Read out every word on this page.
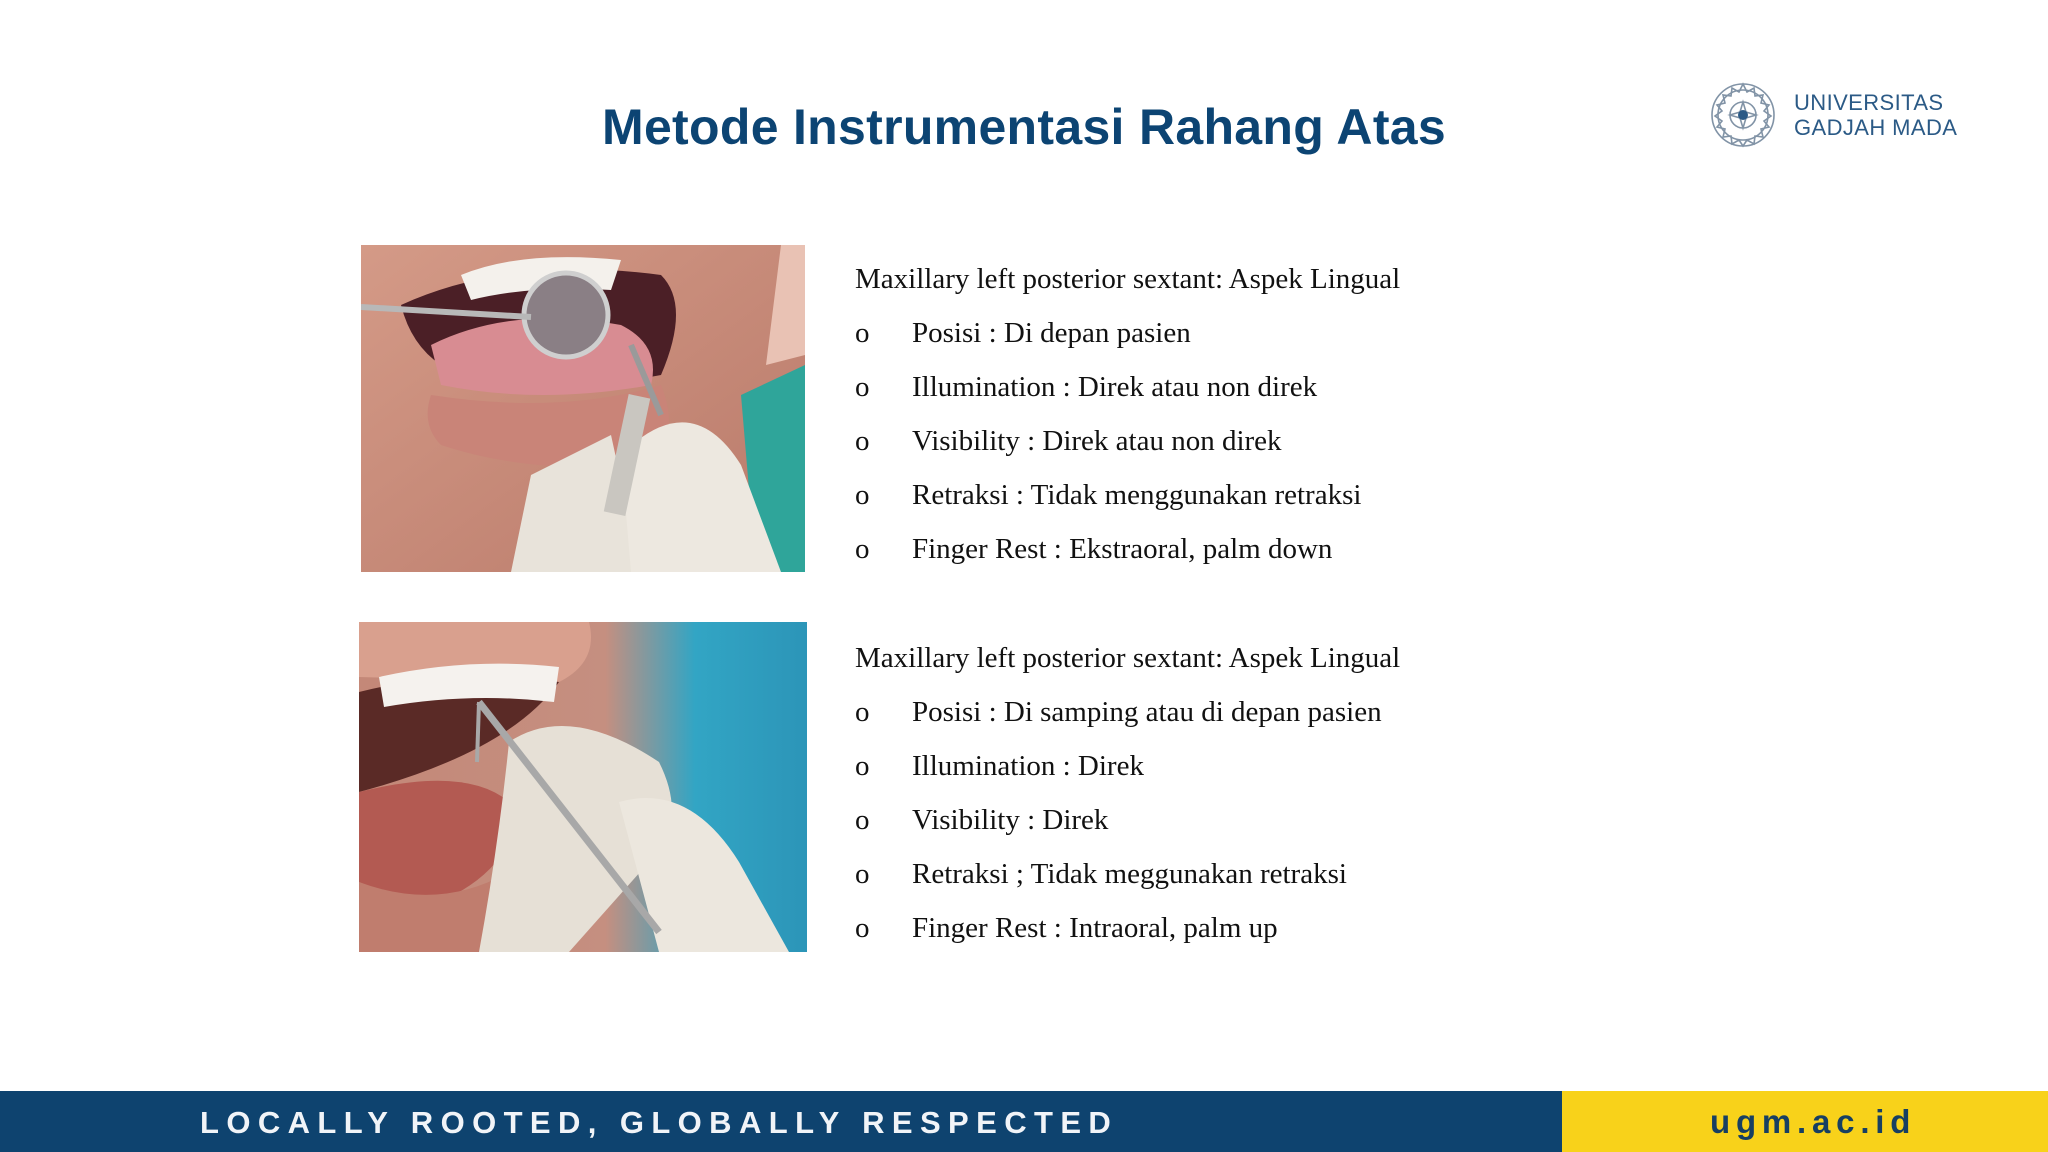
Metode Instrumentasi Rahang Atas	UNIVERSITAS
GADJAH MADA
Maxillary left posterior sextant: Aspek Lingual
o	Posisi : Di depan pasien
o	Illumination : Direk atau non direk
o	Visibility : Direk atau non direk
o	Retraksi : Tidak menggunakan retraksi
o	Finger Rest : Ekstraoral, palm down
Maxillary left posterior sextant: Aspek Lingual
o	Posisi : Di samping atau di depan pasien
o	Illumination : Direk
o	Visibility : Direk
o	Retraksi ; Tidak meggunakan retraksi
o	Finger Rest : Intraoral, palm up
LOCALLY ROOTED, GLOBALLY RESPECTED	ugm.ac.id
